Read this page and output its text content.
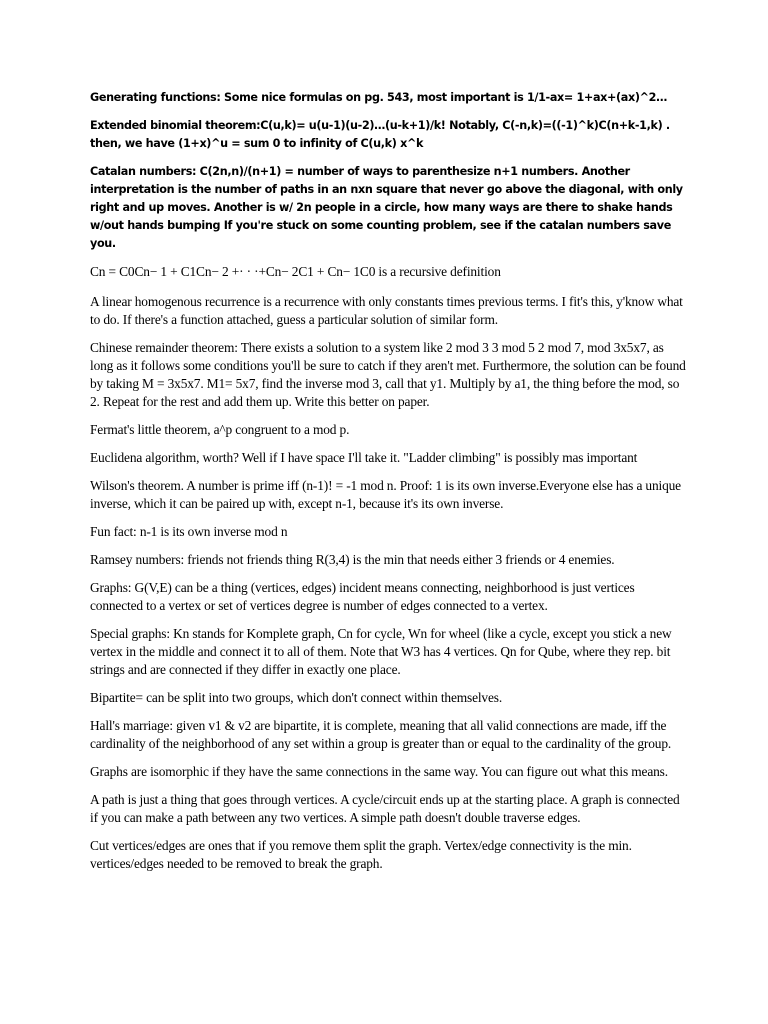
Generating functions: Some nice formulas on pg. 543, most important is 1/1-ax= 1+ax+(ax)^2…

Extended binomial theorem:C(u,k)= u(u-1)(u-2)…(u-k+1)/k! Notably, C(-n,k)=((-1)^k)C(n+k-1,k) . then, we have (1+x)^u = sum 0 to infinity of C(u,k) x^k

Catalan numbers: C(2n,n)/(n+1) = number of ways to parenthesize n+1 numbers. Another interpretation is the number of paths in an nxn square that never go above the diagonal, with only right and up moves. Another is w/ 2n people in a circle, how many ways are there to shake hands w/out hands bumping If you're stuck on some counting problem, see if the catalan numbers save you.

Cn = C0Cn− 1 + C1Cn− 2 +· · ·+Cn− 2C1 + Cn− 1C0 is a recursive definition

A linear homogenous recurrence is a recurrence with only constants times previous terms. I fit's this, y'know what to do. If there's a function attached, guess a particular solution of similar form.

Chinese remainder theorem: There exists a solution to a system like 2 mod 3 3 mod 5 2 mod 7, mod 3x5x7, as long as it follows some conditions you'll be sure to catch if they aren't met. Furthermore, the solution can be found by taking M = 3x5x7. M1= 5x7, find the inverse mod 3, call that y1. Multiply by a1, the thing before the mod, so 2. Repeat for the rest and add them up. Write this better on paper.

Fermat's little theorem, a^p congruent to a mod p.

Euclidena algorithm, worth? Well if I have space I'll take it. "Ladder climbing" is possibly mas important

Wilson's theorem. A number is prime iff (n-1)! = -1 mod n. Proof: 1 is its own inverse.Everyone else has a unique inverse, which it can be paired up with, except n-1, because it's its own inverse.

Fun fact: n-1 is its own inverse mod n

Ramsey numbers: friends not friends thing R(3,4) is the min that needs either 3 friends or 4 enemies.

Graphs: G(V,E) can be a thing (vertices, edges) incident means connecting, neighborhood is just vertices connected to a vertex or set of vertices degree is number of edges connected to a vertex.

Special graphs: Kn stands for Komplete graph, Cn for cycle, Wn for wheel (like a cycle, except you stick a new vertex in the middle and connect it to all of them. Note that W3 has 4 vertices. Qn for Qube, where they rep. bit strings and are connected if they differ in exactly one place.

Bipartite= can be split into two groups, which don't connect within themselves.

Hall's marriage: given v1 & v2 are bipartite, it is complete, meaning that all valid connections are made, iff the cardinality of the neighborhood of any set within a group is greater than or equal to the cardinality of the group.

Graphs are isomorphic if they have the same connections in the same way. You can figure out what this means.

A path is just a thing that goes through vertices. A cycle/circuit ends up at the starting place. A graph is connected if you can make a path between any two vertices. A simple path doesn't double traverse edges.

Cut vertices/edges are ones that if you remove them split the graph. Vertex/edge connectivity is the min. vertices/edges needed to be removed to break the graph.
